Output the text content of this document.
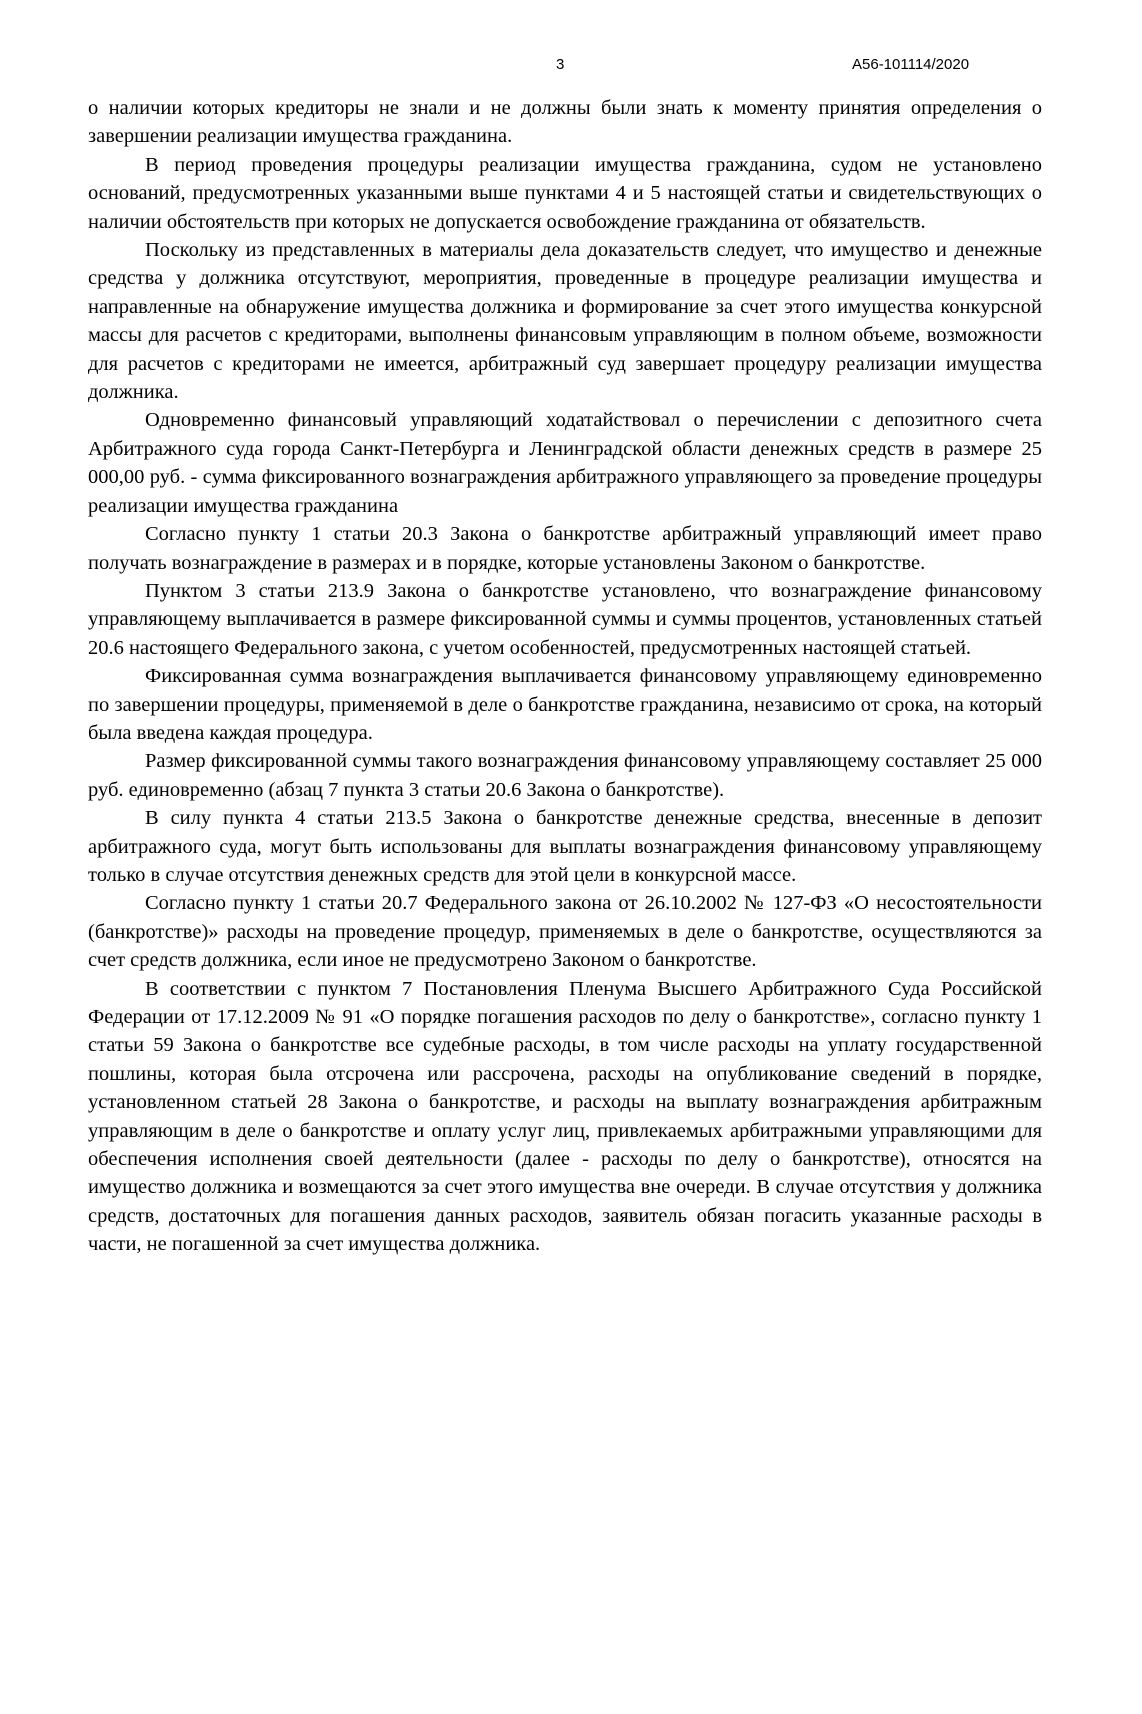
3	А56-101114/2020

о наличии которых кредиторы не знали и не должны были знать к моменту принятия определения о завершении реализации имущества гражданина.

В период проведения процедуры реализации имущества гражданина, судом не установлено оснований, предусмотренных указанными выше пунктами 4 и 5 настоящей статьи и свидетельствующих о наличии обстоятельств при которых не допускается освобождение гражданина от обязательств.

Поскольку из представленных в материалы дела доказательств следует, что имущество и денежные средства у должника отсутствуют, мероприятия, проведенные в процедуре реализации имущества и направленные на обнаружение имущества должника и формирование за счет этого имущества конкурсной массы для расчетов с кредиторами, выполнены финансовым управляющим в полном объеме, возможности для расчетов с кредиторами не имеется, арбитражный суд завершает процедуру реализации имущества должника.

Одновременно финансовый управляющий ходатайствовал о перечислении с депозитного счета Арбитражного суда города Санкт-Петербурга и Ленинградской области денежных средств в размере 25 000,00 руб. - сумма фиксированного вознаграждения арбитражного управляющего за проведение процедуры реализации имущества гражданина

Согласно пункту 1 статьи 20.3 Закона о банкротстве арбитражный управляющий имеет право получать вознаграждение в размерах и в порядке, которые установлены Законом о банкротстве.

Пунктом 3 статьи 213.9 Закона о банкротстве установлено, что вознаграждение финансовому управляющему выплачивается в размере фиксированной суммы и суммы процентов, установленных статьей 20.6 настоящего Федерального закона, с учетом особенностей, предусмотренных настоящей статьей.

Фиксированная сумма вознаграждения выплачивается финансовому управляющему единовременно по завершении процедуры, применяемой в деле о банкротстве гражданина, независимо от срока, на который была введена каждая процедура.

Размер фиксированной суммы такого вознаграждения финансовому управляющему составляет 25 000 руб. единовременно (абзац 7 пункта 3 статьи 20.6 Закона о банкротстве).

В силу пункта 4 статьи 213.5 Закона о банкротстве денежные средства, внесенные в депозит арбитражного суда, могут быть использованы для выплаты вознаграждения финансовому управляющему только в случае отсутствия денежных средств для этой цели в конкурсной массе.

Согласно пункту 1 статьи 20.7 Федерального закона от 26.10.2002 № 127-ФЗ «О несостоятельности (банкротстве)» расходы на проведение процедур, применяемых в деле о банкротстве, осуществляются за счет средств должника, если иное не предусмотрено Законом о банкротстве.

В соответствии с пунктом 7 Постановления Пленума Высшего Арбитражного Суда Российской Федерации от 17.12.2009 № 91 «О порядке погашения расходов по делу о банкротстве», согласно пункту 1 статьи 59 Закона о банкротстве все судебные расходы, в том числе расходы на уплату государственной пошлины, которая была отсрочена или рассрочена, расходы на опубликование сведений в порядке, установленном статьей 28 Закона о банкротстве, и расходы на выплату вознаграждения арбитражным управляющим в деле о банкротстве и оплату услуг лиц, привлекаемых арбитражными управляющими для обеспечения исполнения своей деятельности (далее - расходы по делу о банкротстве), относятся на имущество должника и возмещаются за счет этого имущества вне очереди. В случае отсутствия у должника средств, достаточных для погашения данных расходов, заявитель обязан погасить указанные расходы в части, не погашенной за счет имущества должника.
